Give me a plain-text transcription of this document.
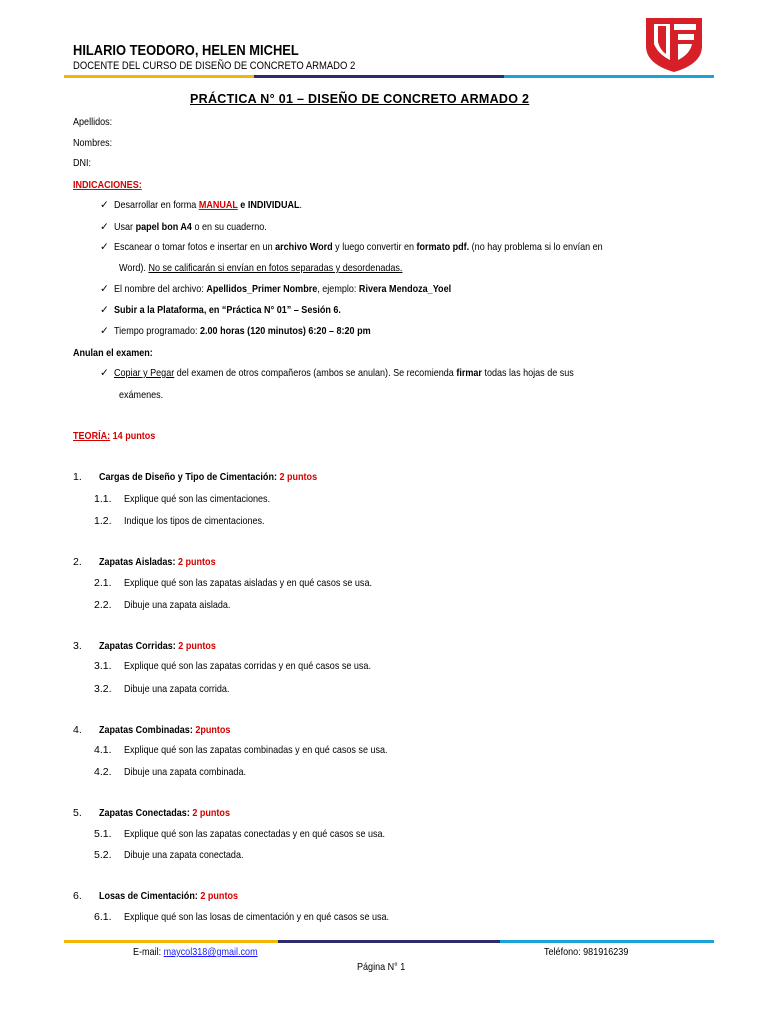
HILARIO TEODORO, HELEN MICHEL
DOCENTE DEL CURSO DE DISEÑO DE CONCRETO ARMADO 2
PRÁCTICA N° 01 – DISEÑO DE CONCRETO ARMADO 2
Apellidos:
Nombres:
DNI:
INDICACIONES:
✓ Desarrollar en forma MANUAL e INDIVIDUAL.
✓ Usar papel bon A4 o en su cuaderno.
✓ Escanear o tomar fotos e insertar en un archivo Word y luego convertir en formato pdf. (no hay problema si lo envían en
Word). No se calificarán si envían en fotos separadas y desordenadas.
✓ El nombre del archivo: Apellidos_Primer Nombre, ejemplo: Rivera Mendoza_Yoel
✓ Subir a la Plataforma, en “Práctica N° 01” – Sesión 6.
✓ Tiempo programado: 2.00 horas (120 minutos) 6:20 – 8:20 pm
Anulan el examen:
✓ Copiar y Pegar del examen de otros compañeros (ambos se anulan). Se recomienda firmar todas las hojas de sus
exámenes.
TEORÍA: 14 puntos
1. Cargas de Diseño y Tipo de Cimentación: 2 puntos
1.1. Explique qué son las cimentaciones.
1.2. Indique los tipos de cimentaciones.
2. Zapatas Aisladas: 2 puntos
2.1. Explique qué son las zapatas aisladas y en qué casos se usa.
2.2. Dibuje una zapata aislada.
3. Zapatas Corridas: 2 puntos
3.1. Explique qué son las zapatas corridas y en qué casos se usa.
3.2. Dibuje una zapata corrida.
4. Zapatas Combinadas: 2puntos
4.1. Explique qué son las zapatas combinadas y en qué casos se usa.
4.2. Dibuje una zapata combinada.
5. Zapatas Conectadas: 2 puntos
5.1. Explique qué son las zapatas conectadas y en qué casos se usa.
5.2. Dibuje una zapata conectada.
6. Losas de Cimentación: 2 puntos
6.1. Explique qué son las losas de cimentación y en qué casos se usa.
E-mail: maycol318@gmail.com	Teléfono: 981916239
Página N° 1
